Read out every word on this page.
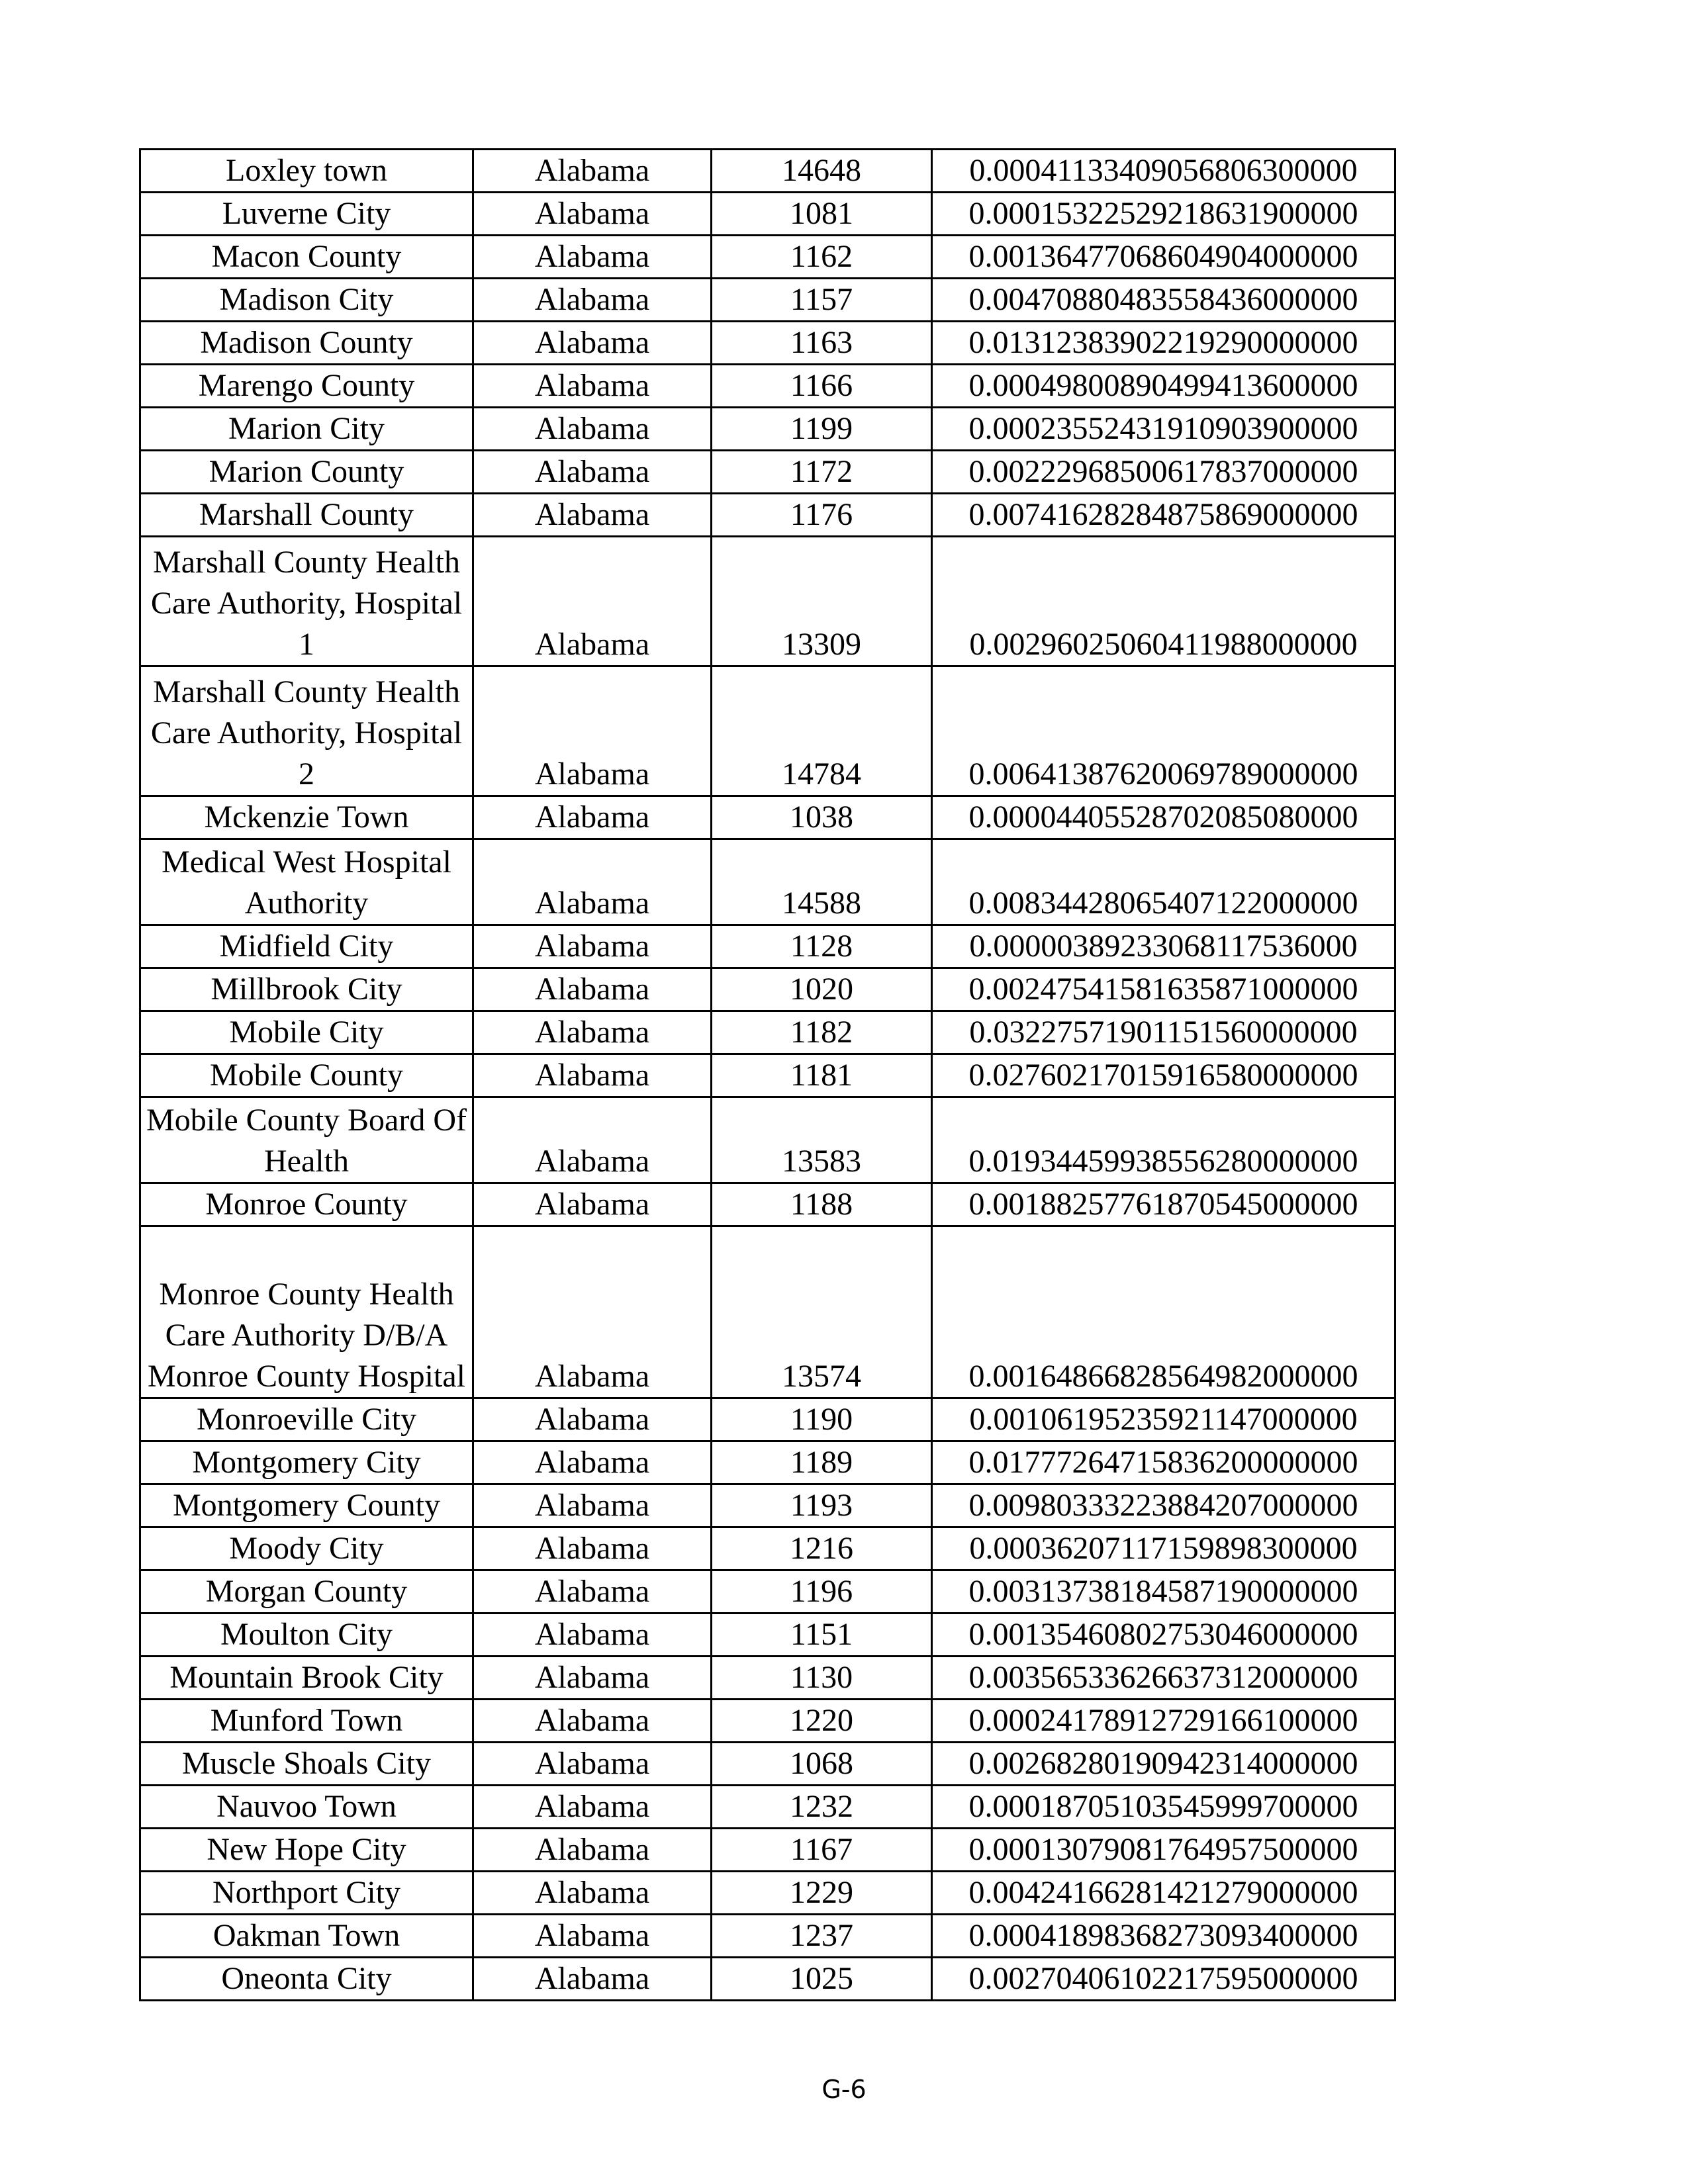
Loxley town	Alabama	14648	0.00041133409056806300000
Luverne City	Alabama	1081	0.00015322529218631900000
Macon County	Alabama	1162	0.00136477068604904000000
Madison City	Alabama	1157	0.00470880483558436000000
Madison County	Alabama	1163	0.01312383902219290000000
Marengo County	Alabama	1166	0.00049800890499413600000
Marion City	Alabama	1199	0.00023552431910903900000
Marion County	Alabama	1172	0.00222968500617837000000
Marshall County	Alabama	1176	0.00741628284875869000000
Marshall County Health Care Authority, Hospital 1	Alabama	13309	0.00296025060411988000000
Marshall County Health Care Authority, Hospital 2	Alabama	14784	0.00641387620069789000000
Mckenzie Town	Alabama	1038	0.00004405528702085080000
Medical West Hospital Authority	Alabama	14588	0.00834428065407122000000
Midfield City	Alabama	1128	0.00000389233068117536000
Millbrook City	Alabama	1020	0.00247541581635871000000
Mobile City	Alabama	1182	0.03227571901151560000000
Mobile County	Alabama	1181	0.02760217015916580000000
Mobile County Board Of Health	Alabama	13583	0.01934459938556280000000
Monroe County	Alabama	1188	0.00188257761870545000000
Monroe County Health Care Authority D/B/A Monroe County Hospital	Alabama	13574	0.00164866828564982000000
Monroeville City	Alabama	1190	0.00106195235921147000000
Montgomery City	Alabama	1189	0.01777264715836200000000
Montgomery County	Alabama	1193	0.00980333223884207000000
Moody City	Alabama	1216	0.00036207117159898300000
Morgan County	Alabama	1196	0.00313738184587190000000
Moulton City	Alabama	1151	0.00135460802753046000000
Mountain Brook City	Alabama	1130	0.00356533626637312000000
Munford Town	Alabama	1220	0.00024178912729166100000
Muscle Shoals City	Alabama	1068	0.00268280190942314000000
Nauvoo Town	Alabama	1232	0.00018705103545999700000
New Hope City	Alabama	1167	0.00013079081764957500000
Northport City	Alabama	1229	0.00424166281421279000000
Oakman Town	Alabama	1237	0.00041898368273093400000
Oneonta City	Alabama	1025	0.00270406102217595000000
G-6
